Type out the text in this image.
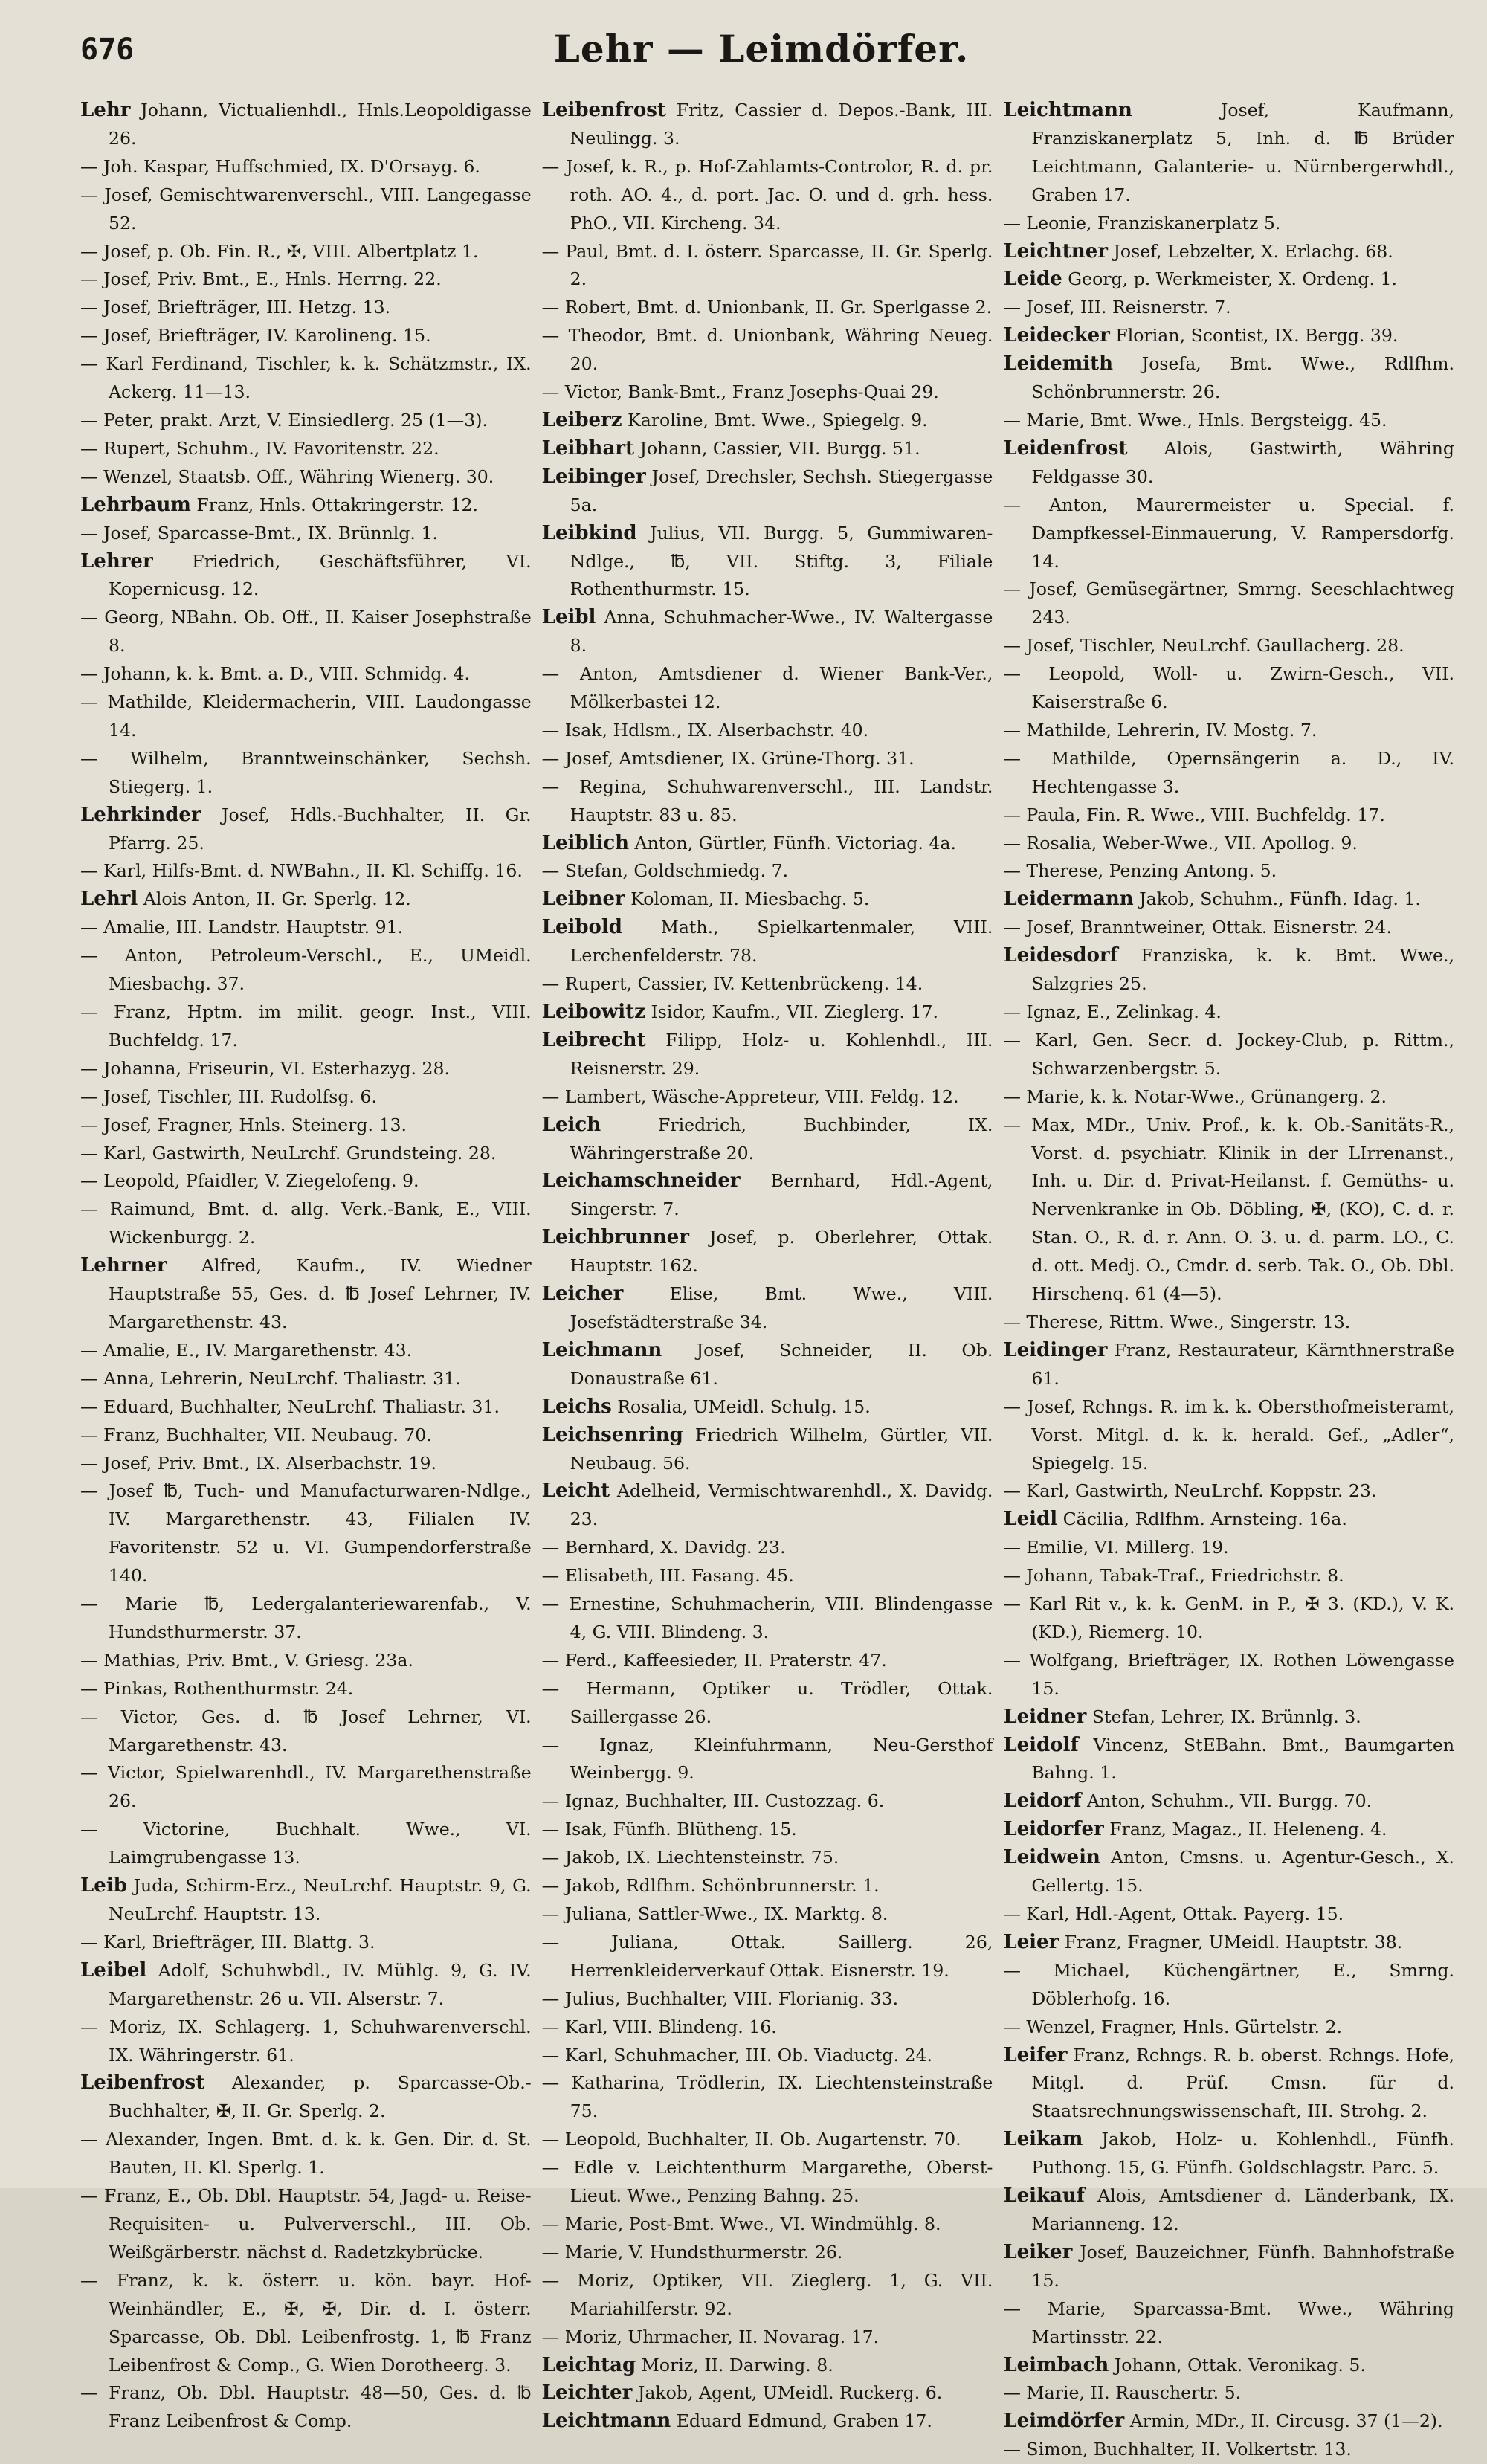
676	Lehr — Leimdörfer.

Lehr Johann, Victualienhdl., Hnls.Leopoldigasse 26.

— Joh. Kaspar, Huffschmied, IX. D'Orsayg. 6.

— Josef, Gemischtwarenverschl., VIII. Langegasse 52.

— Josef, p. Ob. Fin. R., ✠, VIII. Albertplatz 1.

— Josef, Priv. Bmt., E., Hnls. Herrng. 22.

— Josef, Briefträger, III. Hetzg. 13.

— Josef, Briefträger, IV. Karolineng. 15.

— Karl Ferdinand, Tischler, k. k. Schätzmstr., IX. Ackerg. 11—13.

— Peter, prakt. Arzt, V. Einsiedlerg. 25 (1—3).

— Rupert, Schuhm., IV. Favoritenstr. 22.

— Wenzel, Staatsb. Off., Währing Wienerg. 30.

Lehrbaum Franz, Hnls. Ottakringerstr. 12.

— Josef, Sparcasse-Bmt., IX. Brünnlg. 1.

Lehrer Friedrich, Geschäftsführer, VI. Kopernicusg. 12.

— Georg, NBahn. Ob. Off., II. Kaiser Josephstraße 8.

— Johann, k. k. Bmt. a. D., VIII. Schmidg. 4.

— Mathilde, Kleidermacherin, VIII. Laudongasse 14.

— Wilhelm, Branntweinschänker, Sechsh. Stiegerg. 1.

Lehrkinder Josef, Hdls.-Buchhalter, II. Gr. Pfarrg. 25.

— Karl, Hilfs-Bmt. d. NWBahn., II. Kl. Schiffg. 16.

Lehrl Alois Anton, II. Gr. Sperlg. 12.

— Amalie, III. Landstr. Hauptstr. 91.

— Anton, Petroleum-Verschl., E., UMeidl. Miesbachg. 37.

— Franz, Hptm. im milit. geogr. Inst., VIII. Buchfeldg. 17.

— Johanna, Friseurin, VI. Esterhazyg. 28.

— Josef, Tischler, III. Rudolfsg. 6.

— Josef, Fragner, Hnls. Steinerg. 13.

— Karl, Gastwirth, NeuLrchf. Grundsteing. 28.

— Leopold, Pfaidler, V. Ziegelofeng. 9.

— Raimund, Bmt. d. allg. Verk.-Bank, E., VIII. Wickenburgg. 2.

Lehrner Alfred, Kaufm., IV. Wiedner Hauptstraße 55, Ges. d. ℔ Josef Lehrner, IV. Margarethenstr. 43.

— Amalie, E., IV. Margarethenstr. 43.

— Anna, Lehrerin, NeuLrchf. Thaliastr. 31.

— Eduard, Buchhalter, NeuLrchf. Thaliastr. 31.

— Franz, Buchhalter, VII. Neubaug. 70.

— Josef, Priv. Bmt., IX. Alserbachstr. 19.

— Josef ℔, Tuch- und Manufacturwaren-Ndlge., IV. Margarethenstr. 43, Filialen IV. Favoritenstr. 52 u. VI. Gumpendorferstraße 140.

— Marie ℔, Ledergalanteriewarenfab., V. Hundsthurmerstr. 37.

— Mathias, Priv. Bmt., V. Griesg. 23a.

— Pinkas, Rothenthurmstr. 24.

— Victor, Ges. d. ℔ Josef Lehrner, VI. Margarethenstr. 43.

— Victor, Spielwarenhdl., IV. Margarethenstraße 26.

— Victorine, Buchhalt. Wwe., VI. Laimgrubengasse 13.

Leib Juda, Schirm-Erz., NeuLrchf. Hauptstr. 9, G. NeuLrchf. Hauptstr. 13.

— Karl, Briefträger, III. Blattg. 3.

Leibel Adolf, Schuhwbdl., IV. Mühlg. 9, G. IV. Margarethenstr. 26 u. VII. Alserstr. 7.

— Moriz, IX. Schlagerg. 1, Schuhwarenverschl. IX. Währingerstr. 61.

Leibenfrost Alexander, p. Sparcasse-Ob.-Buchhalter, ✠, II. Gr. Sperlg. 2.

— Alexander, Ingen. Bmt. d. k. k. Gen. Dir. d. St. Bauten, II. Kl. Sperlg. 1.

— Franz, E., Ob. Dbl. Hauptstr. 54, Jagd- u. Reise-Requisiten- u. Pulververschl., III. Ob. Weißgärberstr. nächst d. Radetzkybrücke.

— Franz, k. k. österr. u. kön. bayr. Hof-Weinhändler, E., ✠, ✠, Dir. d. I. österr. Sparcasse, Ob. Dbl. Leibenfrostg. 1, ℔ Franz Leibenfrost & Comp., G. Wien Dorotheerg. 3.

— Franz, Ob. Dbl. Hauptstr. 48—50, Ges. d. ℔ Franz Leibenfrost & Comp.

Leibenfrost Fritz, Cassier d. Depos.-Bank, III. Neulingg. 3.

— Josef, k. R., p. Hof-Zahlamts-Controlor, R. d. pr. roth. AO. 4., d. port. Jac. O. und d. grh. hess. PhO., VII. Kircheng. 34.

— Paul, Bmt. d. I. österr. Sparcasse, II. Gr. Sperlg. 2.

— Robert, Bmt. d. Unionbank, II. Gr. Sperlgasse 2.

— Theodor, Bmt. d. Unionbank, Währing Neueg. 20.

— Victor, Bank-Bmt., Franz Josephs-Quai 29.

Leiberz Karoline, Bmt. Wwe., Spiegelg. 9.

Leibhart Johann, Cassier, VII. Burgg. 51.

Leibinger Josef, Drechsler, Sechsh. Stiegergasse 5a.

Leibkind Julius, VII. Burgg. 5, Gummiwaren-Ndlge., ℔, VII. Stiftg. 3, Filiale Rothenthurmstr. 15.

Leibl Anna, Schuhmacher-Wwe., IV. Waltergasse 8.

— Anton, Amtsdiener d. Wiener Bank-Ver., Mölkerbastei 12.

— Isak, Hdlsm., IX. Alserbachstr. 40.

— Josef, Amtsdiener, IX. Grüne-Thorg. 31.

— Regina, Schuhwarenverschl., III. Landstr. Hauptstr. 83 u. 85.

Leiblich Anton, Gürtler, Fünfh. Victoriag. 4a.

— Stefan, Goldschmiedg. 7.

Leibner Koloman, II. Miesbachg. 5.

Leibold Math., Spielkartenmaler, VIII. Lerchenfelderstr. 78.

— Rupert, Cassier, IV. Kettenbrückeng. 14.

Leibowitz Isidor, Kaufm., VII. Zieglerg. 17.

Leibrecht Filipp, Holz- u. Kohlenhdl., III. Reisnerstr. 29.

— Lambert, Wäsche-Appreteur, VIII. Feldg. 12.

Leich	Friedrich, Buchbinder, IX. Währingerstraße 20.

Leichamschneider Bernhard, Hdl.-Agent, Singerstr. 7.

Leichbrunner Josef, p. Oberlehrer, Ottak. Hauptstr. 162.

Leicher	Elise, Bmt. Wwe., VIII. Josefstädterstraße 34.

Leichmann Josef, Schneider, II. Ob. Donaustraße 61.

Leichs Rosalia, UMeidl. Schulg. 15.

Leichsenring Friedrich Wilhelm, Gürtler, VII. Neubaug. 56.

Leicht Adelheid, Vermischtwarenhdl., X. Davidg. 23.

— Bernhard, X. Davidg. 23.

— Elisabeth, III. Fasang. 45.

— Ernestine, Schuhmacherin, VIII. Blindengasse 4, G. VIII. Blindeng. 3.

— Ferd., Kaffeesieder, II. Praterstr. 47.

— Hermann, Optiker u. Trödler, Ottak. Saillergasse 26.

— Ignaz, Kleinfuhrmann, Neu-Gersthof Weinbergg. 9.

— Ignaz, Buchhalter, III. Custozzag. 6.

— Isak, Fünfh. Blütheng. 15.

— Jakob, IX. Liechtensteinstr. 75.

— Jakob, Rdlfhm. Schönbrunnerstr. 1.

— Juliana, Sattler-Wwe., IX. Marktg. 8.

— Juliana, Ottak. Saillerg. 26, Herrenkleiderverkauf Ottak. Eisnerstr. 19.

— Julius, Buchhalter, VIII. Florianig. 33.

— Karl, VIII. Blindeng. 16.

— Karl, Schuhmacher, III. Ob. Viaductg. 24.

— Katharina, Trödlerin, IX. Liechtensteinstraße 75.

— Leopold, Buchhalter, II. Ob. Augartenstr. 70.

— Edle v. Leichtenthurm Margarethe, Oberst-Lieut. Wwe., Penzing Bahng. 25.

— Marie, Post-Bmt. Wwe., VI. Windmühlg. 8.

— Marie, V. Hundsthurmerstr. 26.

— Moriz, Optiker, VII. Zieglerg. 1, G. VII. Mariahilferstr. 92.

— Moriz, Uhrmacher, II. Novarag. 17.

Leichtag Moriz, II. Darwing. 8.

Leichter Jakob, Agent, UMeidl. Ruckerg. 6.

Leichtmann Eduard Edmund, Graben 17.

Leichtmann	Josef, Kaufmann, Franziskanerplatz 5, Inh. d. ℔ Brüder Leichtmann, Galanterie- u. Nürnbergerwhdl., Graben 17.

— Leonie, Franziskanerplatz 5.

Leichtner Josef, Lebzelter, X. Erlachg. 68.

Leide Georg, p. Werkmeister, X. Ordeng. 1.

— Josef, III. Reisnerstr. 7.

Leidecker Florian, Scontist, IX. Bergg. 39.

Leidemith Josefa, Bmt. Wwe., Rdlfhm. Schönbrunnerstr. 26.

— Marie, Bmt. Wwe., Hnls. Bergsteigg. 45.

Leidenfrost Alois, Gastwirth, Währing Feldgasse 30.

— Anton, Maurermeister u. Special. f. Dampfkessel-Einmauerung, V. Rampersdorfg. 14.

— Josef, Gemüsegärtner, Smrng. Seeschlachtweg 243.

— Josef, Tischler, NeuLrchf. Gaullacherg. 28.

— Leopold, Woll- u. Zwirn-Gesch., VII. Kaiserstraße 6.

— Mathilde, Lehrerin, IV. Mostg. 7.

— Mathilde, Opernsängerin a. D., IV. Hechtengasse 3.

— Paula, Fin. R. Wwe., VIII. Buchfeldg. 17.

— Rosalia, Weber-Wwe., VII. Apollog. 9.

— Therese, Penzing Antong. 5.

Leidermann Jakob, Schuhm., Fünfh. Idag. 1.

— Josef, Branntweiner, Ottak. Eisnerstr. 24.

Leidesdorf Franziska, k. k. Bmt. Wwe., Salzgries 25.

— Ignaz, E., Zelinkag. 4.

— Karl, Gen. Secr. d. Jockey-Club, p. Rittm., Schwarzenbergstr. 5.

— Marie, k. k. Notar-Wwe., Grünangerg. 2.

— Max, MDr., Univ. Prof., k. k. Ob.-Sanitäts-R., Vorst. d. psychiatr. Klinik in der LIrrenanst., Inh. u. Dir. d. Privat-Heilanst. f. Gemüths- u. Nervenkranke in Ob. Döbling, ✠, (KO), C. d. r. Stan. O., R. d. r. Ann. O. 3. u. d. parm. LO., C. d. ott. Medj. O., Cmdr. d. serb. Tak. O., Ob. Dbl. Hirschenq. 61 (4—5).

— Therese, Rittm. Wwe., Singerstr. 13.

Leidinger Franz, Restaurateur, Kärnthnerstraße 61.

— Josef, Rchngs. R. im k. k. Obersthofmeisteramt, Vorst. Mitgl. d. k. k. herald. Gef., „Adler“, Spiegelg. 15.

— Karl, Gastwirth, NeuLrchf. Koppstr. 23.

Leidl Cäcilia, Rdlfhm. Arnsteing. 16a.

— Emilie, VI. Millerg. 19.

— Johann, Tabak-Traf., Friedrichstr. 8.

— Karl Rit v., k. k. GenM. in P., ✠ 3. (KD.), V. K. (KD.), Riemerg. 10.

— Wolfgang, Briefträger, IX. Rothen Löwengasse 15.

Leidner Stefan, Lehrer, IX. Brünnlg. 3.

Leidolf Vincenz, StEBahn. Bmt., Baumgarten Bahng. 1.

Leidorf Anton, Schuhm., VII. Burgg. 70.

Leidorfer Franz, Magaz., II. Heleneng. 4.

Leidwein Anton, Cmsns. u. Agentur-Gesch., X. Gellertg. 15.

— Karl, Hdl.-Agent, Ottak. Payerg. 15.

Leier Franz, Fragner, UMeidl. Hauptstr. 38.

— Michael, Küchengärtner, E., Smrng. Döblerhofg. 16.

— Wenzel, Fragner, Hnls. Gürtelstr. 2.

Leifer Franz, Rchngs. R. b. oberst. Rchngs. Hofe, Mitgl. d. Prüf. Cmsn. für d. Staatsrechnungswissenschaft, III. Strohg. 2.

Leikam Jakob, Holz- u. Kohlenhdl., Fünfh. Puthong. 15, G. Fünfh. Goldschlagstr. Parc. 5.

Leikauf Alois, Amtsdiener d. Länderbank, IX. Marianneng. 12.

Leiker Josef, Bauzeichner, Fünfh. Bahnhofstraße 15.

— Marie, Sparcassa-Bmt. Wwe., Währing Martinsstr. 22.

Leimbach Johann, Ottak. Veronikag. 5.

— Marie, II. Rauschertr. 5.

Leimdörfer Armin, MDr., II. Circusg. 37 (1—2).

— Simon, Buchhalter, II. Volkertstr. 13.
